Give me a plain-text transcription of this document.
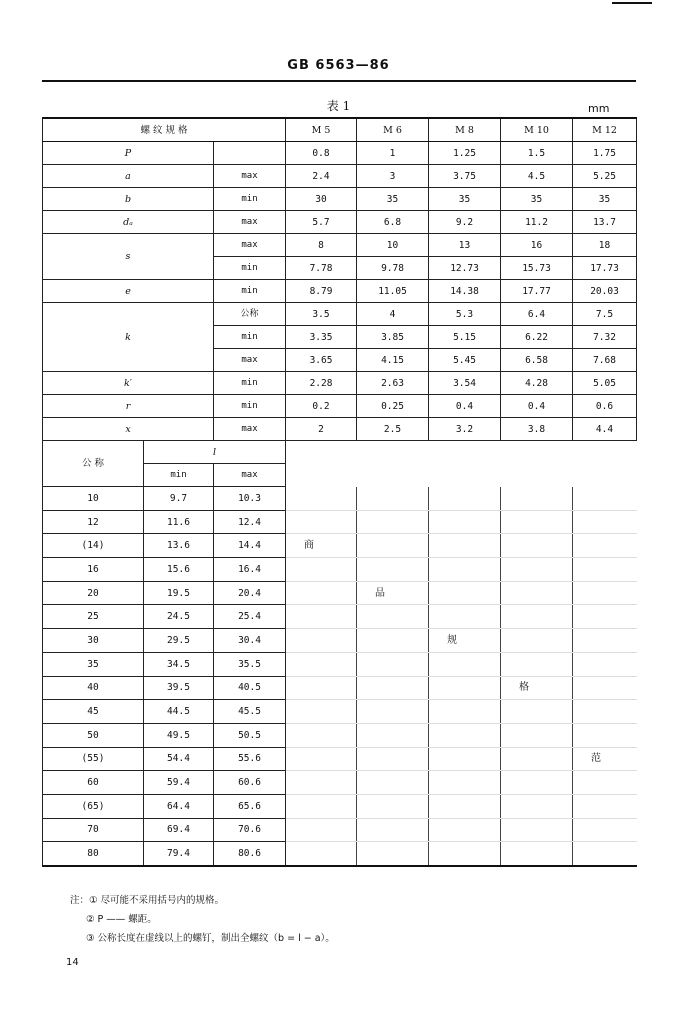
GB 6563—86
表 1	mm
螺 纹 规 格			M 5	M 6	M 8	M 10	M 12
P			0.8	1	1.25	1.5	1.75
a		max	2.4	3	3.75	4.5	5.25
b		min	30	35	35	35	35
dₐ		max	5.7	6.8	9.2	11.2	13.7
s		max	8	10	13	16	18
		min	7.78	9.78	12.73	15.73	17.73
e		min	8.79	11.05	14.38	17.77	20.03
k		公称	3.5	4	5.3	6.4	7.5
		min	3.35	3.85	5.15	6.22	7.32
		max	3.65	4.15	5.45	6.58	7.68
k′		min	2.28	2.63	3.54	4.28	5.05
r		min	0.2	0.25	0.4	0.4	0.6
x		max	2	2.5	3.2	3.8	4.4
公 称	l						
	min	max					
10	9.7	10.3					
12	11.6	12.4					
(14)	13.6	14.4	商				
16	15.6	16.4					
20	19.5	20.4		品			
25	24.5	25.4					
30	29.5	30.4			规		
35	34.5	35.5					
40	39.5	40.5				格	
45	44.5	45.5					
50	49.5	50.5					
(55)	54.4	55.6					范
60	59.4	60.6					
(65)	64.4	65.6					
70	69.4	70.6					
80	79.4	80.6					
注：① 尽可能不采用括号内的规格。
② P —— 螺距。
③ 公称长度在虚线以上的螺钉，制出全螺纹（b = l − a）。
14
